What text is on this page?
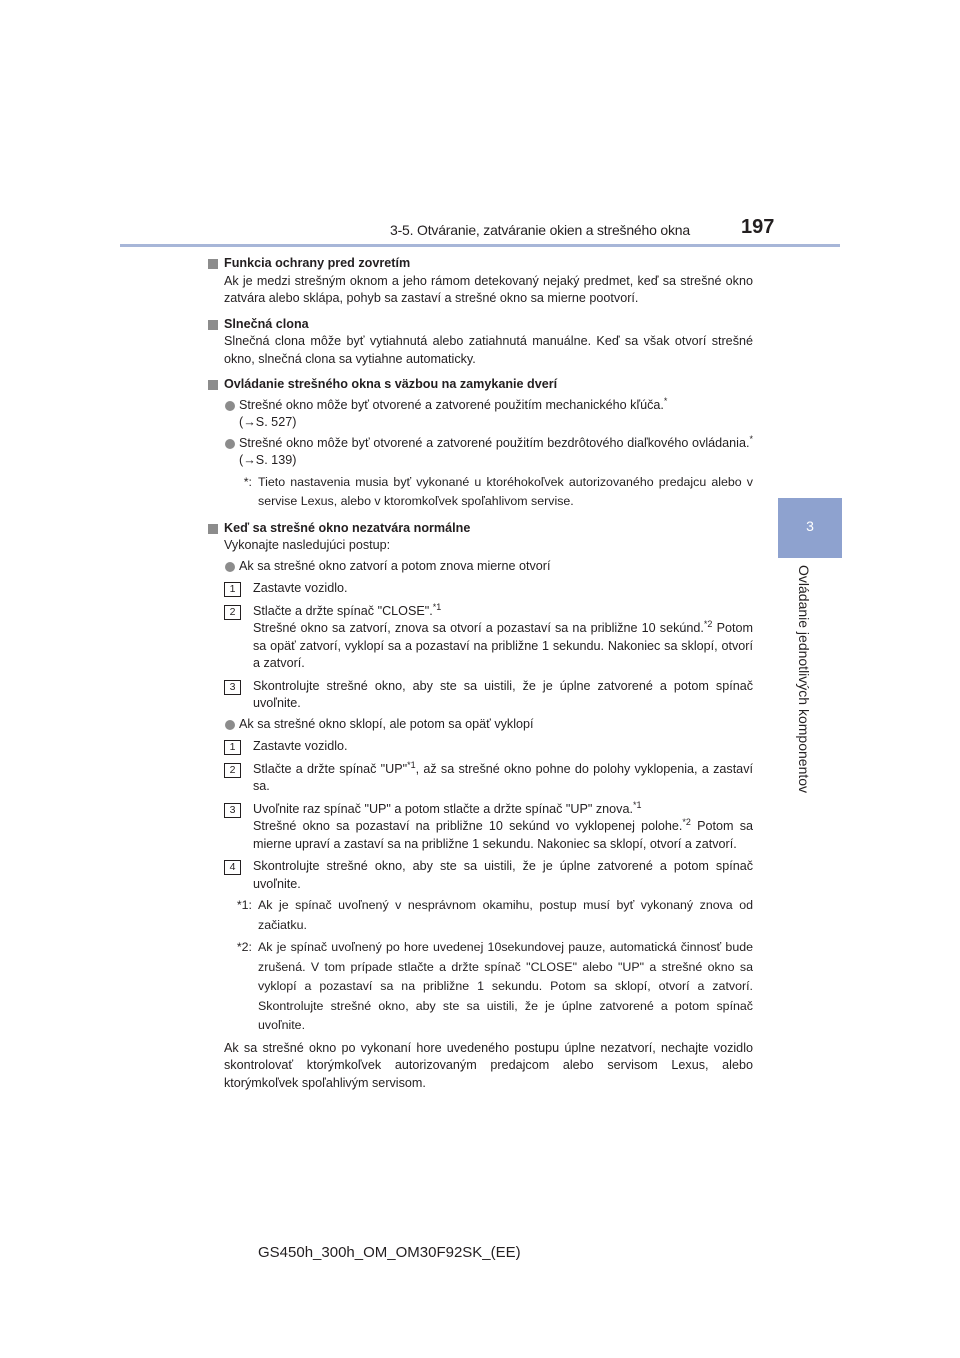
3-5. Otváranie, zatváranie okien a strešného okna	197
3
Ovládanie jednotlivých komponentov
Funkcia ochrany pred zovretím
Ak je medzi strešným oknom a jeho rámom detekovaný nejaký predmet, keď sa strešné okno zatvára alebo sklápa, pohyb sa zastaví a strešné okno sa mierne pootvorí.
Slnečná clona
Slnečná clona môže byť vytiahnutá alebo zatiahnutá manuálne. Keď sa však otvorí strešné okno, slnečná clona sa vytiahne automaticky.
Ovládanie strešného okna s väzbou na zamykanie dverí
Strešné okno môže byť otvorené a zatvorené použitím mechanického kľúča.*
(→S. 527)
Strešné okno môže byť otvorené a zatvorené použitím bezdrôtového diaľkového ovládania.* (→S. 139)
*: Tieto nastavenia musia byť vykonané u ktoréhokoľvek autorizovaného predajcu alebo v servise Lexus, alebo v ktoromkoľvek spoľahlivom servise.
Keď sa strešné okno nezatvára normálne
Vykonajte nasledujúci postup:
Ak sa strešné okno zatvorí a potom znova mierne otvorí
1	Zastavte vozidlo.
2	Stlačte a držte spínač "CLOSE".$^{*1}$
Strešné okno sa zatvorí, znova sa otvorí a pozastaví sa na približne 10 sekúnd.$^{*2}$ Potom sa opäť zatvorí, vyklopí sa a pozastaví na približne 1 sekundu. Nakoniec sa sklopí, otvorí a zatvorí.
3	Skontrolujte strešné okno, aby ste sa uistili, že je úplne zatvorené a potom spínač uvoľnite.
Ak sa strešné okno sklopí, ale potom sa opäť vyklopí
1	Zastavte vozidlo.
2	Stlačte a držte spínač "UP"$^{*1}$, až sa strešné okno pohne do polohy vyklopenia, a zastaví sa.
3	Uvoľnite raz spínač "UP" a potom stlačte a držte spínač "UP" znova.$^{*1}$
Strešné okno sa pozastaví na približne 10 sekúnd vo vyklopenej polohe.$^{*2}$ Potom sa mierne upraví a zastaví sa na približne 1 sekundu. Nakoniec sa sklopí, otvorí a zatvorí.
4	Skontrolujte strešné okno, aby ste sa uistili, že je úplne zatvorené a potom spínač uvoľnite.
*1: Ak je spínač uvoľnený v nesprávnom okamihu, postup musí byť vykonaný znova od začiatku.
*2: Ak je spínač uvoľnený po hore uvedenej 10sekundovej pauze, automatická činnosť bude zrušená. V tom prípade stlačte a držte spínač "CLOSE" alebo "UP" a strešné okno sa vyklopí a pozastaví sa na približne 1 sekundu. Potom sa sklopí, otvorí a zatvorí. Skontrolujte strešné okno, aby ste sa uistili, že je úplne zatvorené a potom spínač uvoľnite.
Ak sa strešné okno po vykonaní hore uvedeného postupu úplne nezatvorí, nechajte vozidlo skontrolovať ktorýmkoľvek autorizovaným predajcom alebo servisom Lexus, alebo ktorýmkoľvek spoľahlivým servisom.
GS450h_300h_OM_OM30F92SK_(EE)
